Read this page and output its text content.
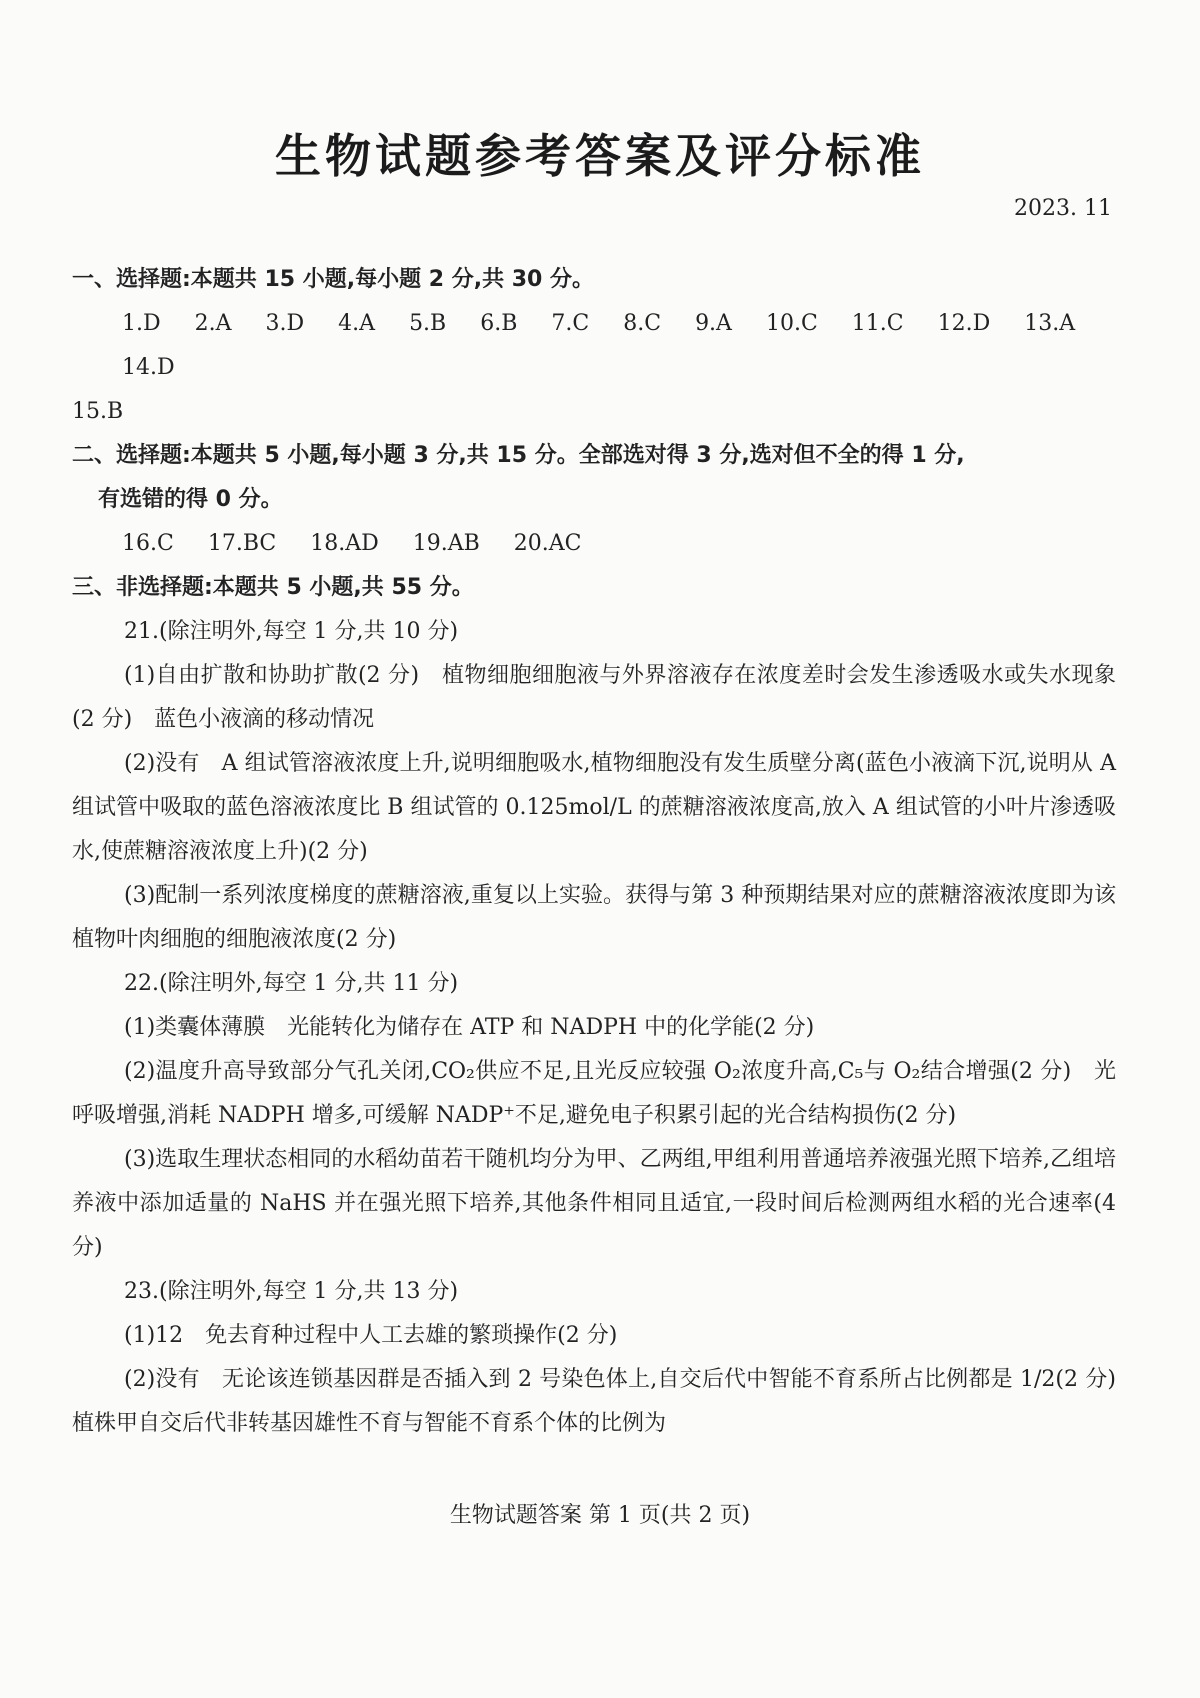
生物试题参考答案及评分标准
2023. 11

一、选择题:本题共 15 小题,每小题 2 分,共 30 分。

1.D 2.A 3.D 4.A 5.B 6.B 7.C 8.C 9.A 10.C 11.C 12.D 13.A
14.D

15.B

二、选择题:本题共 5 小题,每小题 3 分,共 15 分。全部选对得 3 分,选对但不全的得 1 分,
有选错的得 0 分。

16.C 17.BC 18.AD 19.AB 20.AC

三、非选择题:本题共 5 小题,共 55 分。

21.(除注明外,每空 1 分,共 10 分)

(1)自由扩散和协助扩散(2 分)　植物细胞细胞液与外界溶液存在浓度差时会发生渗透吸水或失水现象(2 分)　蓝色小液滴的移动情况

(2)没有　A 组试管溶液浓度上升,说明细胞吸水,植物细胞没有发生质壁分离(蓝色小液滴下沉,说明从 A 组试管中吸取的蓝色溶液浓度比 B 组试管的 0.125mol/L 的蔗糖溶液浓度高,放入 A 组试管的小叶片渗透吸水,使蔗糖溶液浓度上升)(2 分)

(3)配制一系列浓度梯度的蔗糖溶液,重复以上实验。获得与第 3 种预期结果对应的蔗糖溶液浓度即为该植物叶肉细胞的细胞液浓度(2 分)

22.(除注明外,每空 1 分,共 11 分)

(1)类囊体薄膜　光能转化为储存在 ATP 和 NADPH 中的化学能(2 分)

(2)温度升高导致部分气孔关闭,CO₂供应不足,且光反应较强 O₂浓度升高,C₅与 O₂结合增强(2 分)　光呼吸增强,消耗 NADPH 增多,可缓解 NADP⁺不足,避免电子积累引起的光合结构损伤(2 分)

(3)选取生理状态相同的水稻幼苗若干随机均分为甲、乙两组,甲组利用普通培养液强光照下培养,乙组培养液中添加适量的 NaHS 并在强光照下培养,其他条件相同且适宜,一段时间后检测两组水稻的光合速率(4 分)

23.(除注明外,每空 1 分,共 13 分)

(1)12　免去育种过程中人工去雄的繁琐操作(2 分)

(2)没有　无论该连锁基因群是否插入到 2 号染色体上,自交后代中智能不育系所占比例都是 1/2(2 分)　植株甲自交后代非转基因雄性不育与智能不育系个体的比例为

生物试题答案 第 1 页(共 2 页)
